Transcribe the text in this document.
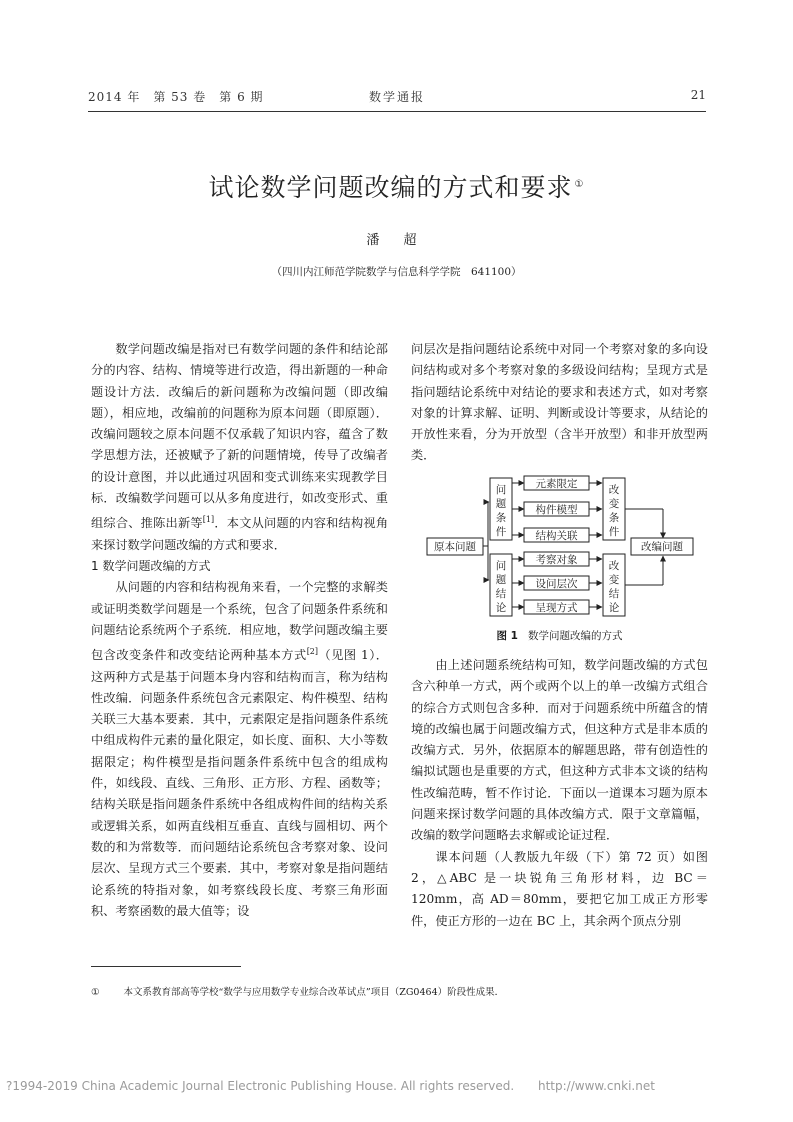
2014 年　第 53 卷　第 6 期	数学通报	21
试论数学问题改编的方式和要求 ①
潘 超
（四川内江师范学院数学与信息科学学院　641100）

数学问题改编是指对已有数学问题的条件和结论部分的内容、结构、情境等进行改造，得出新题的一种命题设计方法．改编后的新问题称为改编问题（即改编题），相应地，改编前的问题称为原本问题（即原题）．改编问题较之原本问题不仅承载了知识内容，蕴含了数学思想方法，还被赋予了新的问题情境，传导了改编者的设计意图，并以此通过巩固和变式训练来实现教学目标．改编数学问题可以从多角度进行，如改变形式、重组综合、推陈出新等[1]．本文从问题的内容和结构视角来探讨数学问题改编的方式和要求．

1 数学问题改编的方式

从问题的内容和结构视角来看，一个完整的求解类或证明类数学问题是一个系统，包含了问题条件系统和问题结论系统两个子系统．相应地，数学问题改编主要包含改变条件和改变结论两种基本方式[2]（见图 1）．这两种方式是基于问题本身内容和结构而言，称为结构性改编．问题条件系统包含元素限定、构件模型、结构关联三大基本要素．其中，元素限定是指问题条件系统中组成构件元素的量化限定，如长度、面积、大小等数据限定；构件模型是指问题条件系统中包含的组成构件，如线段、直线、三角形、正方形、方程、函数等；结构关联是指问题条件系统中各组成构件间的结构关系或逻辑关系，如两直线相互垂直、直线与圆相切、两个数的和为常数等．而问题结论系统包含考察对象、设问层次、呈现方式三个要素．其中，考察对象是指问题结论系统的特指对象，如考察线段长度、考察三角形面积、考察函数的最大值等；设

问层次是指问题结论系统中对同一个考察对象的多向设问结构或对多个考察对象的多级设问结构；呈现方式是指问题结论系统中对结论的要求和表述方式，如对考察对象的计算求解、证明、判断或设计等要求，从结论的开放性来看，分为开放型（含半开放型）和非开放型两类．

原本问题	改编问题
元素限定
构件模型
结构关联
考察对象
设问层次
呈现方式
问
题
条
件
问
题
结
论
改
变
条
件
改
变
结
论
图 1 数学问题改编的方式

由上述问题系统结构可知，数学问题改编的方式包含六种单一方式，两个或两个以上的单一改编方式组合的综合方式则包含多种．而对于问题系统中所蕴含的情境的改编也属于问题改编方式，但这种方式是非本质的改编方式．另外，依据原本的解题思路，带有创造性的编拟试题也是重要的方式，但这种方式非本文谈的结构性改编范畴，暂不作讨论．下面以一道课本习题为原本问题来探讨数学问题的具体改编方式．限于文章篇幅，改编的数学问题略去求解或论证过程．

课本问题（人教版九年级（下）第 72 页）如图 2，△ABC 是一块锐角三角形材料，边 BC＝120mm，高 AD＝80mm，要把它加工成正方形零件，使正方形的一边在 BC 上，其余两个顶点分别

①	本文系教育部高等学校“数学与应用数学专业综合改革试点”项目（ZG0464）阶段性成果．
?1994-2019 China Academic Journal Electronic Publishing House. All rights reserved. http://www.cnki.net
